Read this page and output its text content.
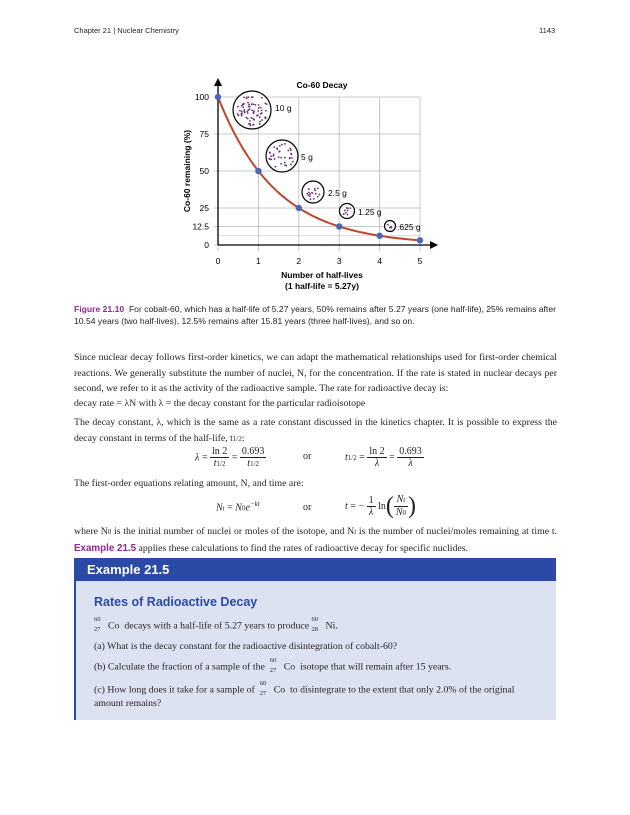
Chapter 21 | Nuclear Chemistry	1143
Co-60 Decay
0
12.5
25
50
75
100
0	1	2	3	4	5
Number of half-lives
(1 half-life = 5.27y)
Co-60 remaining (%)
10 g
5 g
2.5 g
1.25 g
.625 g
Figure 21.10 For cobalt-60, which has a half-life of 5.27 years, 50% remains after 5.27 years (one half-life), 25% remains after 10.54 years (two half-lives), 12.5% remains after 15.81 years (three half-lives), and so on.
Since nuclear decay follows first-order kinetics, we can adapt the mathematical relationships used for first-order chemical reactions. We generally substitute the number of nuclei, N, for the concentration. If the rate is stated in nuclear decays per second, we refer to it as the activity of the radioactive sample. The rate for radioactive decay is:
decay rate = λN with λ = the decay constant for the particular radioisotope
The decay constant, λ, which is the same as a rate constant discussed in the kinetics chapter. It is possible to express the decay constant in terms of the half-life, t1/2:
$\lambda = \frac{\ln 2}{t1/2} = \frac{0.693}{t1/2}$	or	$t1/2 = \frac{\ln 2}{\lambda} = \frac{0.693}{\lambda}$
The first-order equations relating amount, N, and time are:
$Nt = N0e^{-kt}$	or	t = − $\frac{1}{\lambda} \ln( \frac{Nt}{N0}$ )
where N0 is the initial number of nuclei or moles of the isotope, and Nt is the number of nuclei/moles remaining at time t. Example 21.5 applies these calculations to find the rates of radioactive decay for specific nuclides.
Example 21.5
Rates of Radioactive Decay
60
27 Co decays with a half-life of 5.27 years to produce
60
28 Ni.
(a) What is the decay constant for the radioactive disintegration of cobalt-60?
(b) Calculate the fraction of a sample of the
60
27 Co isotope that will remain after 15 years.
(c) How long does it take for a sample of
60
27 Co to disintegrate to the extent that only 2.0% of the original
amount remains?
